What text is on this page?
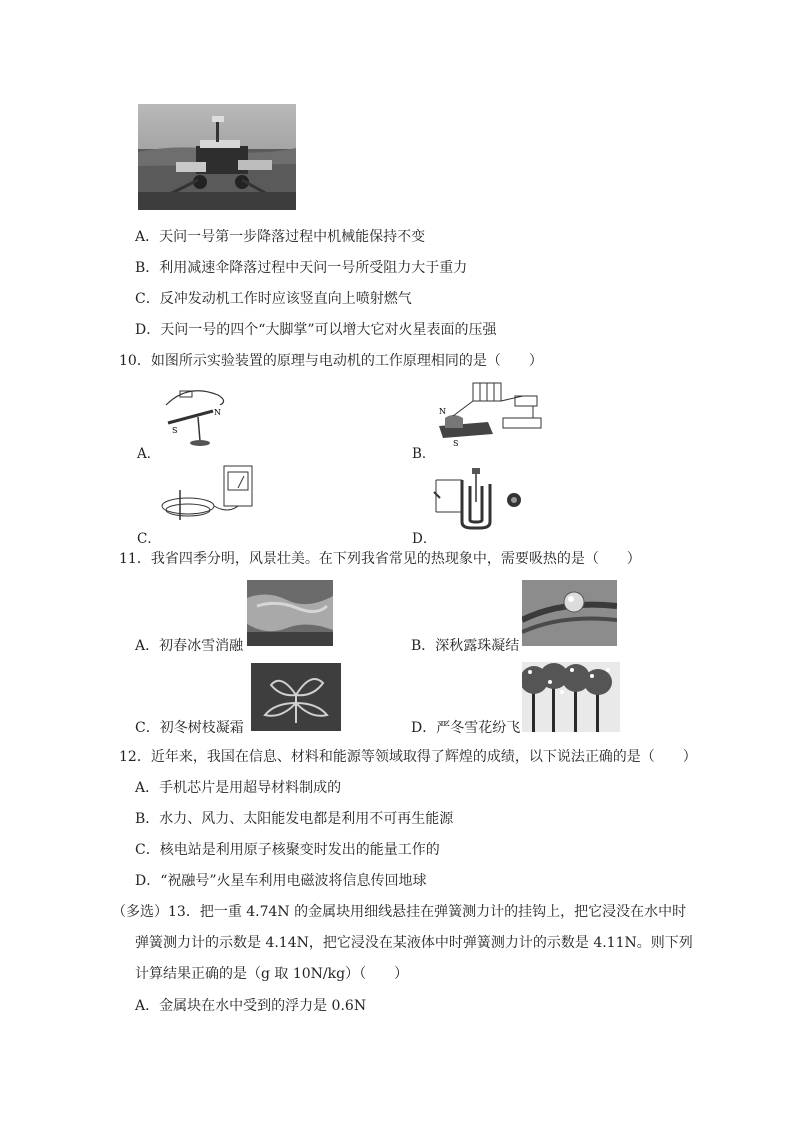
A．天问一号第一步降落过程中机械能保持不变
B．利用减速伞降落过程中天问一号所受阻力大于重力
C．反冲发动机工作时应该竖直向上喷射燃气
D．天问一号的四个“大脚掌”可以增大它对火星表面的压强
10．如图所示实验装置的原理与电动机的工作原理相同的是（　　）
N
S
A．
N
S
B．
C．	D．
11．我省四季分明，风景壮美。在下列我省常见的热现象中，需要吸热的是（　　）
A．初春冰雪消融	B．深秋露珠凝结
C．初冬树枝凝霜	D．严冬雪花纷飞
12．近年来，我国在信息、材料和能源等领域取得了辉煌的成绩，以下说法正确的是（　　）
A．手机芯片是用超导材料制成的
B．水力、风力、太阳能发电都是利用不可再生能源
C．核电站是利用原子核聚变时发出的能量工作的
D．“祝融号”火星车利用电磁波将信息传回地球
（多选）13．把一重 4.74N 的金属块用细线悬挂在弹簧测力计的挂钩上，把它浸没在水中时
弹簧测力计的示数是 4.14N，把它浸没在某液体中时弹簧测力计的示数是 4.11N。则下列
计算结果正确的是（g 取 10N/kg）（　　）
A．金属块在水中受到的浮力是 0.6N
